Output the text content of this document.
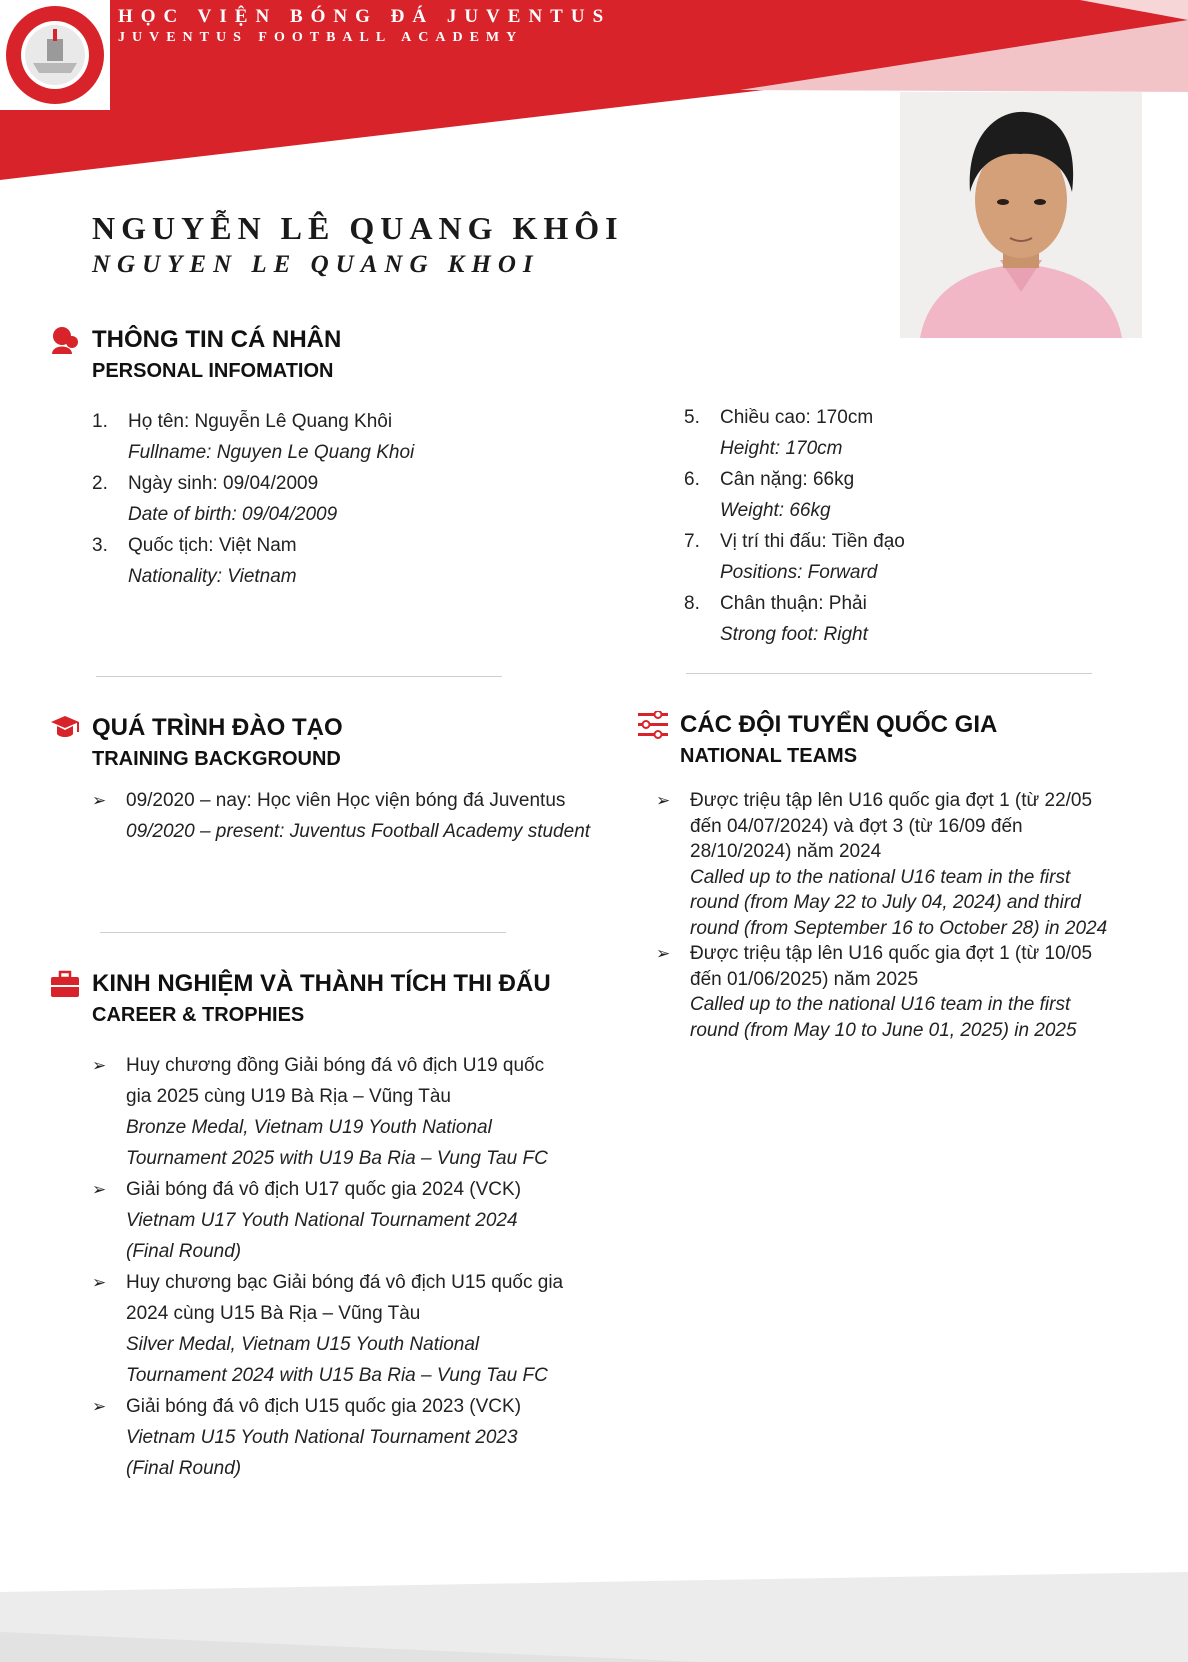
HỌC VIỆN BÓNG ĐÁ JUVENTUS
JUVENTUS FOOTBALL ACADEMY
NGUYỄN LÊ QUANG KHÔI
NGUYEN LE QUANG KHOI
THÔNG TIN CÁ NHÂN
PERSONAL INFOMATION
1.	Họ tên: Nguyễn Lê Quang Khôi
Fullname: Nguyen Le Quang Khoi
2.	Ngày sinh: 09/04/2009
Date of birth: 09/04/2009
3.	Quốc tịch: Việt Nam
Nationality: Vietnam
5.	Chiều cao: 170cm
Height: 170cm
6.	Cân nặng: 66kg
Weight: 66kg
7.	Vị trí thi đấu: Tiền đạo
Positions: Forward
8.	Chân thuận: Phải
Strong foot: Right
QUÁ TRÌNH ĐÀO TẠO
TRAINING BACKGROUND
➢	09/2020 – nay: Học viên Học viện bóng đá Juventus
09/2020 – present: Juventus Football Academy student
KINH NGHIỆM VÀ THÀNH TÍCH THI ĐẤU
CAREER & TROPHIES
➢	Huy chương đồng Giải bóng đá vô địch U19 quốc
gia 2025 cùng U19 Bà Rịa – Vũng Tàu
Bronze Medal, Vietnam U19 Youth National
Tournament 2025 with U19 Ba Ria – Vung Tau FC
➢	Giải bóng đá vô địch U17 quốc gia 2024 (VCK)
Vietnam U17 Youth National Tournament 2024
(Final Round)
➢	Huy chương bạc Giải bóng đá vô địch U15 quốc gia
2024 cùng U15 Bà Rịa – Vũng Tàu
Silver Medal, Vietnam U15 Youth National
Tournament 2024 with U15 Ba Ria – Vung Tau FC
➢	Giải bóng đá vô địch U15 quốc gia 2023 (VCK)
Vietnam U15 Youth National Tournament 2023
(Final Round)
CÁC ĐỘI TUYỂN QUỐC GIA
NATIONAL TEAMS
➢	Được triệu tập lên U16 quốc gia đợt 1 (từ 22/05
đến 04/07/2024) và đợt 3 (từ 16/09 đến
28/10/2024) năm 2024
Called up to the national U16 team in the first
round (from May 22 to July 04, 2024) and third
round (from September 16 to October 28) in 2024
➢	Được triệu tập lên U16 quốc gia đợt 1 (từ 10/05
đến 01/06/2025) năm 2025
Called up to the national U16 team in the first
round (from May 10 to June 01, 2025) in 2025
